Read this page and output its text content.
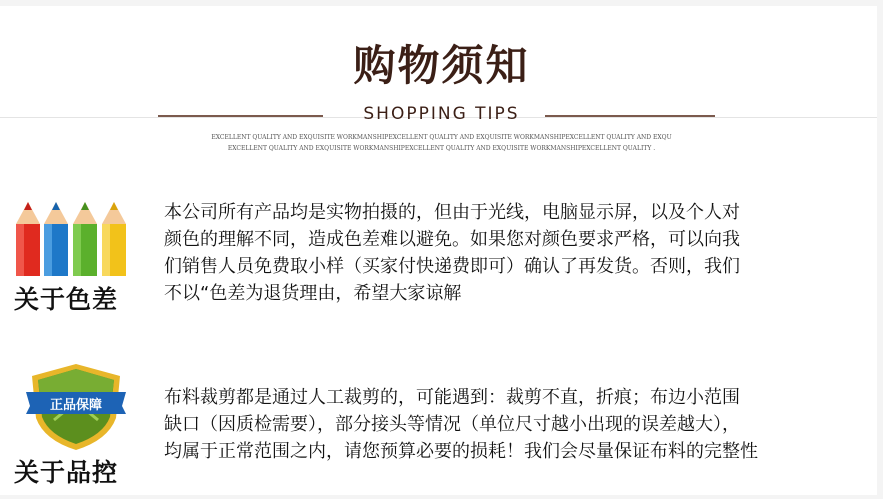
购物须知
SHOPPING TIPS
EXCELLENT QUALITY AND EXQUISITE WORKMANSHIPEXCELLENT QUALITY AND EXQUISITE WORKMANSHIPEXCELLENT QUALITY AND EXQU
EXCELLENT QUALITY AND EXQUISITE WORKMANSHIPEXCELLENT QUALITY AND EXQUISITE WORKMANSHIPEXCELLENT QUALITY .
关于色差

本公司所有产品均是实物拍摄的，但由于光线，电脑显示屏，以及个人对

颜色的理解不同，造成色差难以避免。如果您对颜色要求严格，可以向我

们销售人员免费取小样（买家付快递费即可）确认了再发货。否则，我们

不以“色差为退货理由，希望大家谅解

正品保障
关于品控

布料裁剪都是通过人工裁剪的，可能遇到：裁剪不直，折痕；布边小范围

缺口（因质检需要），部分接头等情况（单位尺寸越小出现的误差越大），

均属于正常范围之内，请您预算必要的损耗！我们会尽量保证布料的完整性
